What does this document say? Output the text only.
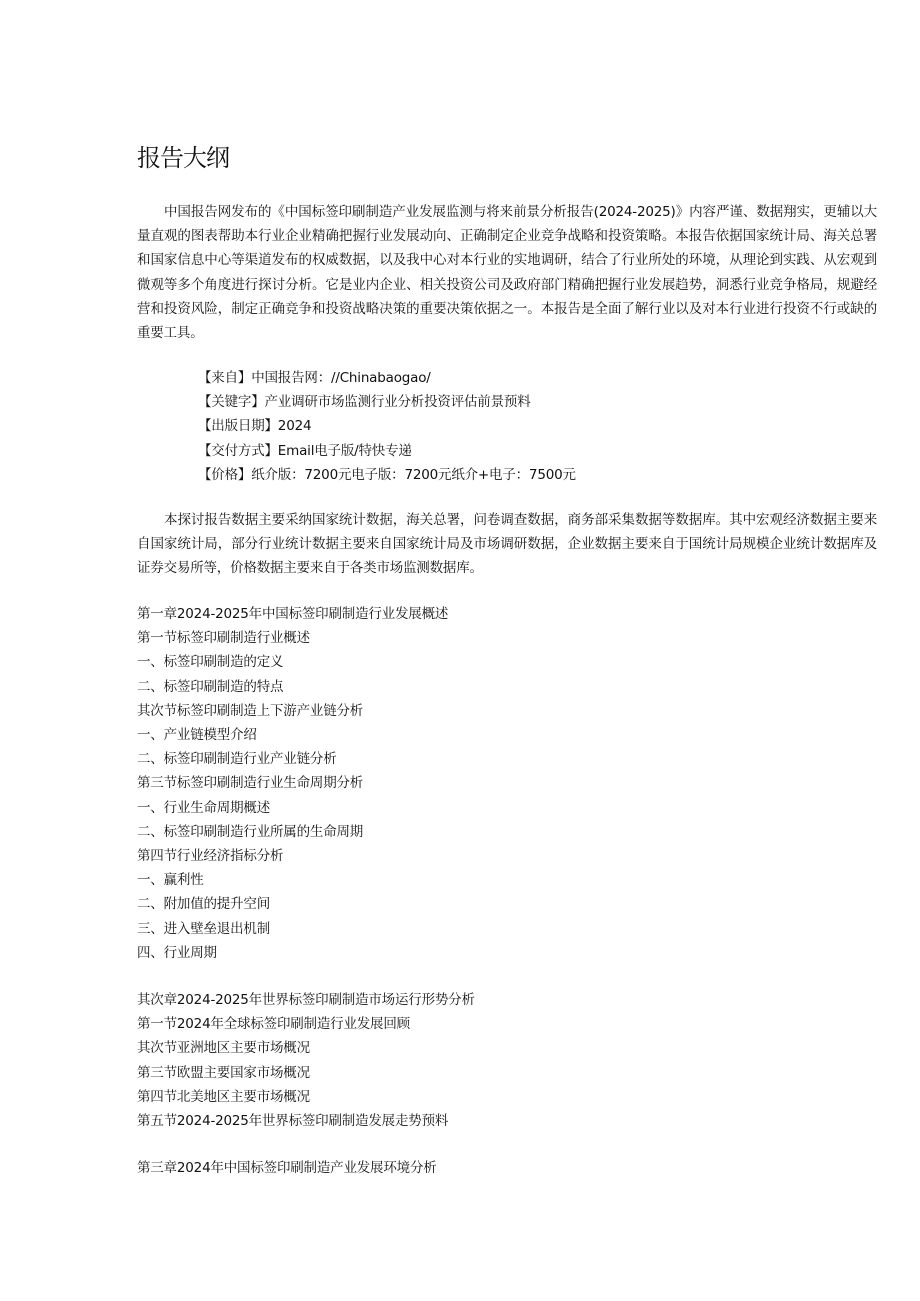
报告大纲
中国报告网发布的《中国标签印刷制造产业发展监测与将来前景分析报告(2024-2025)》内容严谨、数据翔实，更辅以大量直观的图表帮助本行业企业精确把握行业发展动向、正确制定企业竞争战略和投资策略。本报告依据国家统计局、海关总署和国家信息中心等渠道发布的权威数据，以及我中心对本行业的实地调研，结合了行业所处的环境，从理论到实践、从宏观到微观等多个角度进行探讨分析。它是业内企业、相关投资公司及政府部门精确把握行业发展趋势，洞悉行业竞争格局，规避经营和投资风险，制定正确竞争和投资战略决策的重要决策依据之一。本报告是全面了解行业以及对本行业进行投资不行或缺的重要工具。
【来自】中国报告网：//Chinabaogao/
【关键字】产业调研市场监测行业分析投资评估前景预料
【出版日期】2024
【交付方式】Email电子版/特快专递
【价格】纸介版：7200元电子版：7200元纸介+电子：7500元
本探讨报告数据主要采纳国家统计数据，海关总署，问卷调查数据，商务部采集数据等数据库。其中宏观经济数据主要来自国家统计局，部分行业统计数据主要来自国家统计局及市场调研数据，企业数据主要来自于国统计局规模企业统计数据库及证券交易所等，价格数据主要来自于各类市场监测数据库。
第一章2024-2025年中国标签印刷制造行业发展概述
第一节标签印刷制造行业概述
一、标签印刷制造的定义
二、标签印刷制造的特点
其次节标签印刷制造上下游产业链分析
一、产业链模型介绍
二、标签印刷制造行业产业链分析
第三节标签印刷制造行业生命周期分析
一、行业生命周期概述
二、标签印刷制造行业所属的生命周期
第四节行业经济指标分析
一、赢利性
二、附加值的提升空间
三、进入壁垒退出机制
四、行业周期
其次章2024-2025年世界标签印刷制造市场运行形势分析
第一节2024年全球标签印刷制造行业发展回顾
其次节亚洲地区主要市场概况
第三节欧盟主要国家市场概况
第四节北美地区主要市场概况
第五节2024-2025年世界标签印刷制造发展走势预料
第三章2024年中国标签印刷制造产业发展环境分析
